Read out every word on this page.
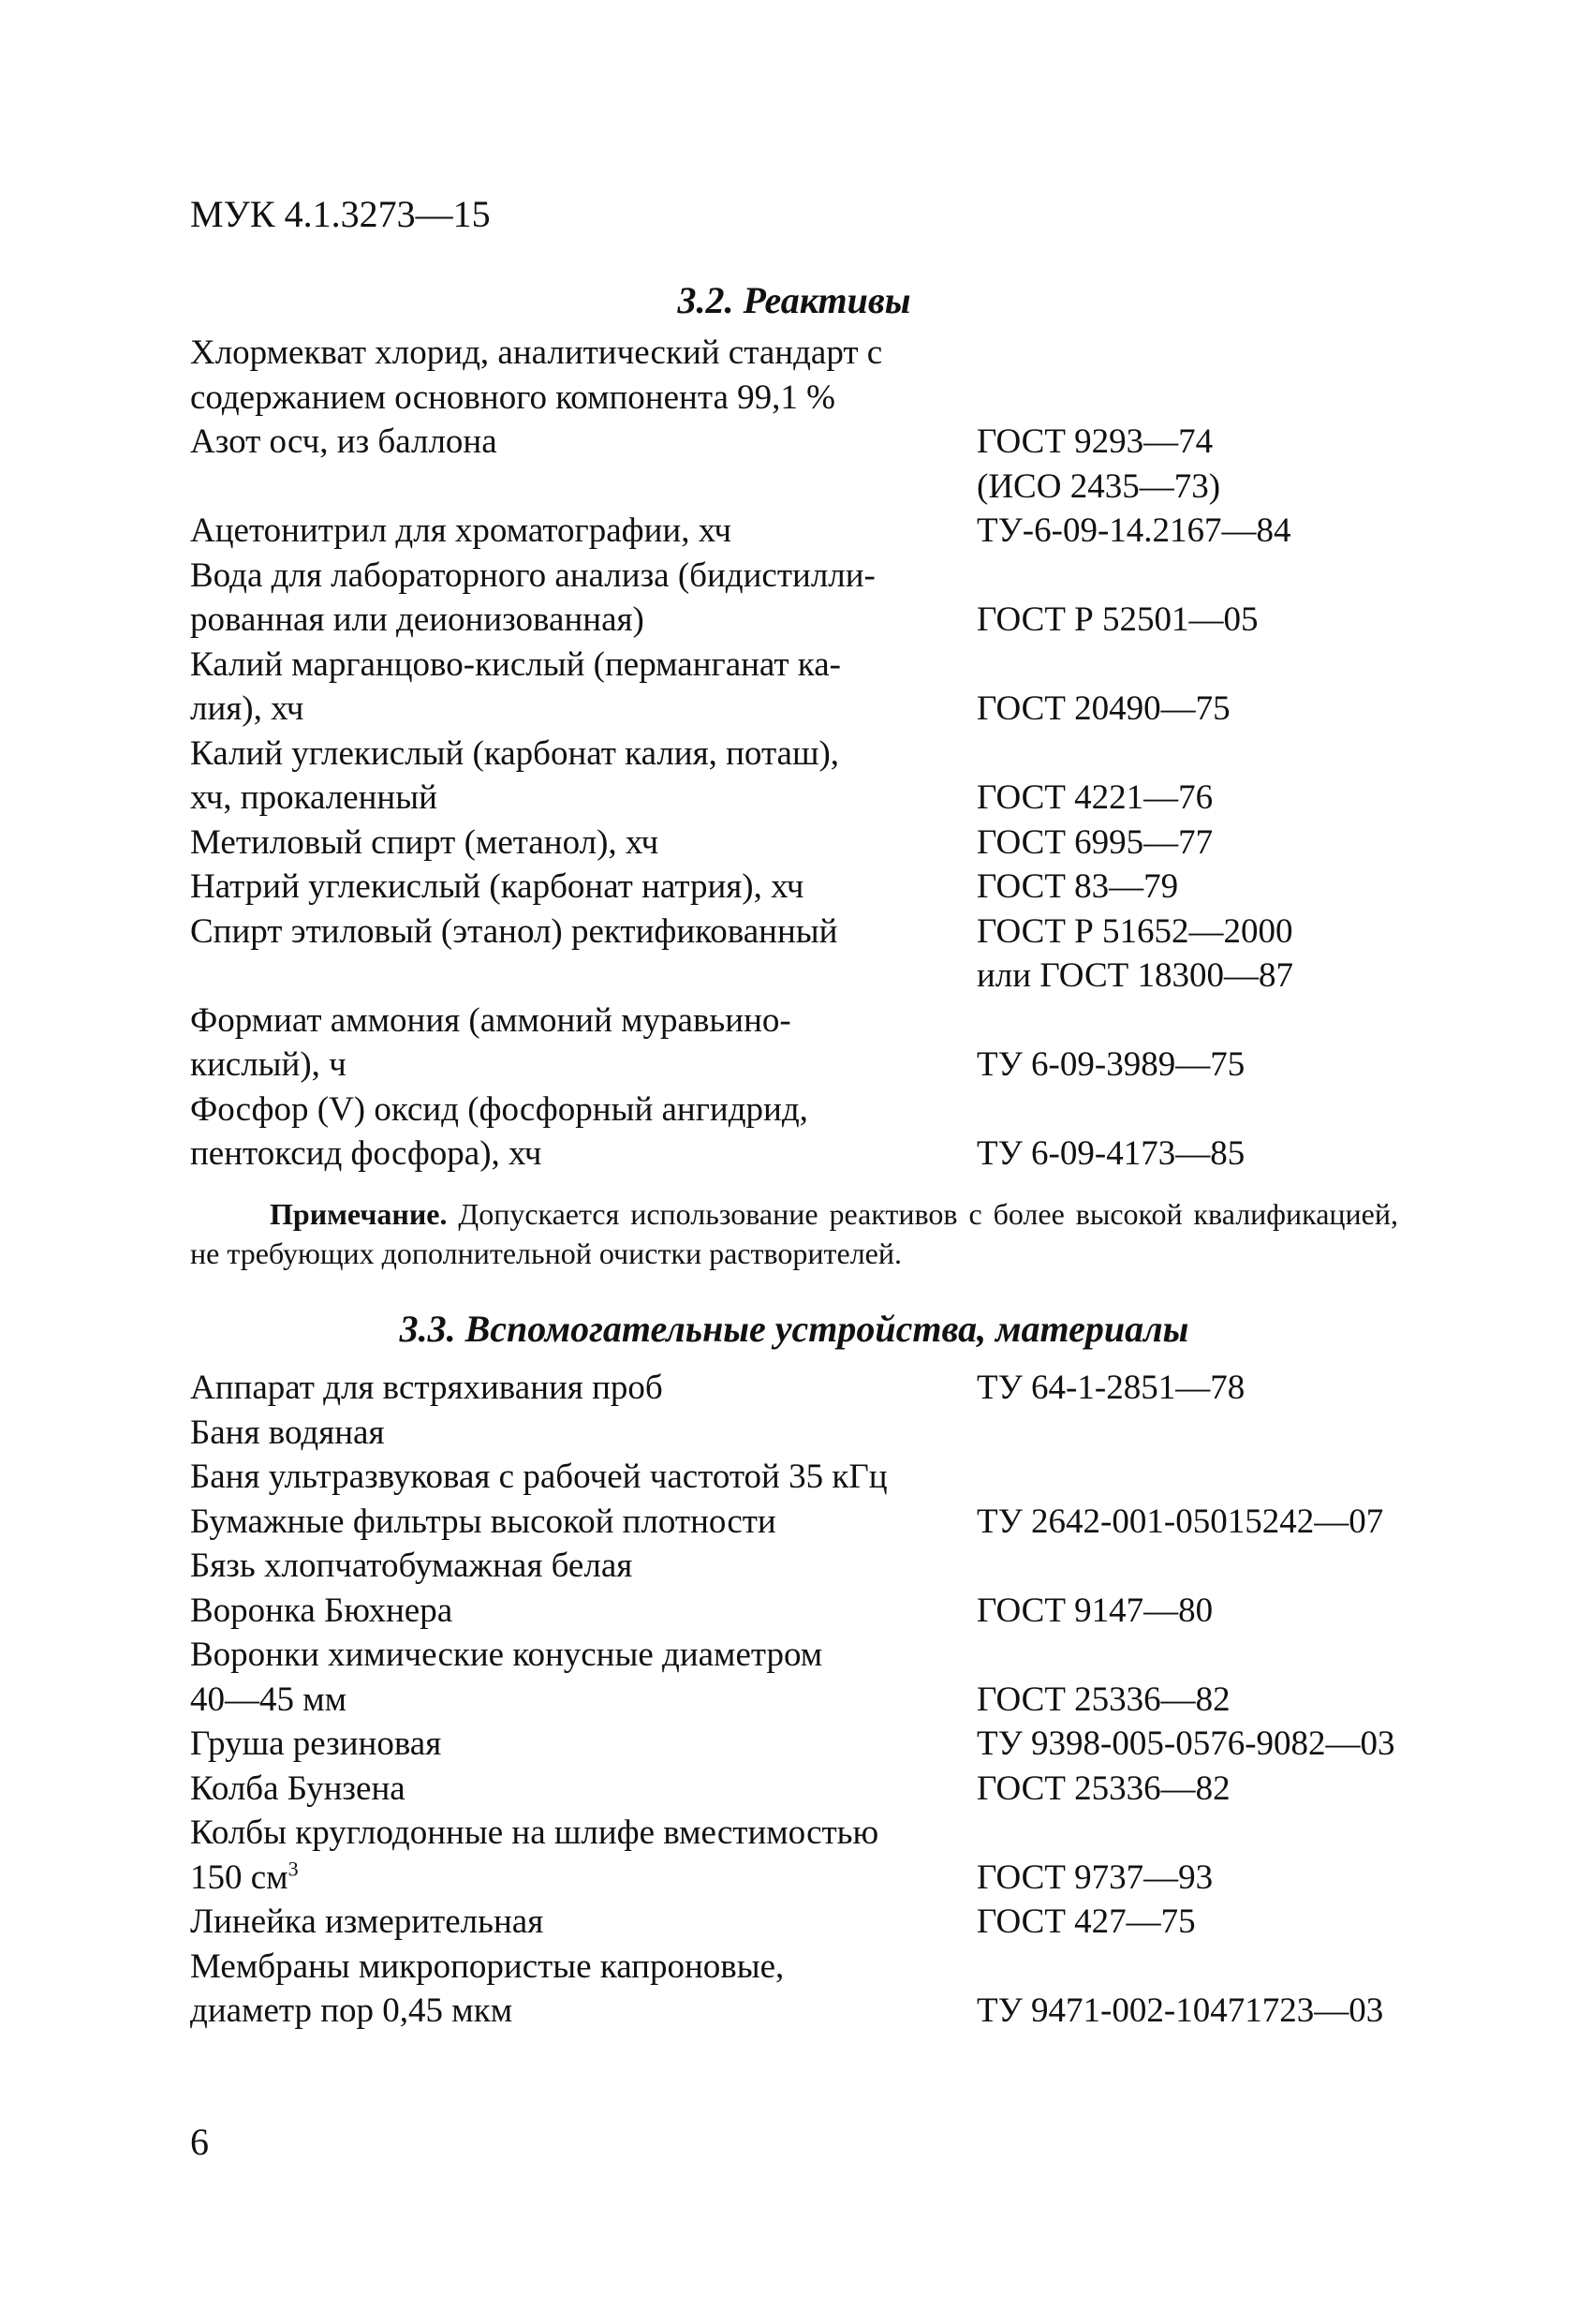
МУК 4.1.3273—15
3.2. Реактивы
Хлормекват хлорид, аналитический стандарт с
содержанием основного компонента 99,1 %
Азот осч, из баллона	ГОСТ 9293—74
(ИСО 2435—73)
Ацетонитрил для хроматографии, хч	ТУ-6-09-14.2167—84
Вода для лабораторного анализа (бидистилли-
рованная или деионизованная)	ГОСТ Р 52501—05
Калий марганцово-кислый (перманганат ка-
лия), хч	ГОСТ 20490—75
Калий углекислый (карбонат калия, поташ),
хч, прокаленный	ГОСТ 4221—76
Метиловый спирт (метанол), хч	ГОСТ 6995—77
Натрий углекислый (карбонат натрия), хч	ГОСТ 83—79
Спирт этиловый (этанол) ректификованный	ГОСТ Р 51652—2000
или ГОСТ 18300—87
Формиат аммония (аммоний муравьино-
кислый), ч	ТУ 6-09-3989—75
Фосфор (V) оксид (фосфорный ангидрид,
пентоксид фосфора), хч	ТУ 6-09-4173—85
Примечание. Допускается использование реактивов с более высокой квалификацией, не требующих дополнительной очистки растворителей.
3.3. Вспомогательные устройства, материалы
Аппарат для встряхивания проб	ТУ 64-1-2851—78
Баня водяная
Баня ультразвуковая с рабочей частотой 35 кГц
Бумажные фильтры высокой плотности	ТУ 2642-001-05015242—07
Бязь хлопчатобумажная белая
Воронка Бюхнера	ГОСТ 9147—80
Воронки химические конусные диаметром
40—45 мм	ГОСТ 25336—82
Груша резиновая	ТУ 9398-005-0576-9082—03
Колба Бунзена	ГОСТ 25336—82
Колбы круглодонные на шлифе вместимостью
150 $см^3$	ГОСТ 9737—93
Линейка измерительная	ГОСТ 427—75
Мембраны микропористые капроновые,
диаметр пор 0,45 мкм	ТУ 9471-002-10471723—03
6
